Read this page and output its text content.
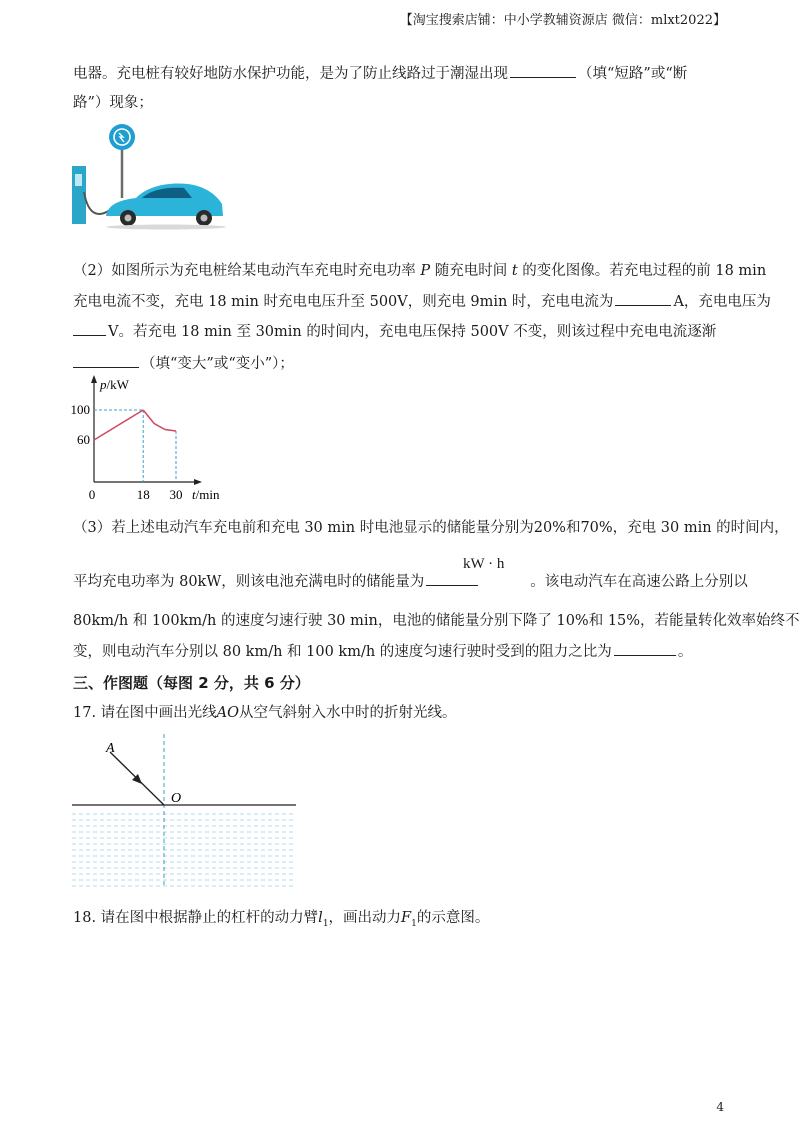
【淘宝搜索店铺：中小学教辅资源店 微信：mlxt2022】
电器。充电桩有较好地防水保护功能，是为了防止线路过于潮湿出现	（填“短路”或“断
路”）现象；
（2）如图所示为充电桩给某电动汽车充电时充电功率 P 随充电时间 t 的变化图像。若充电过程的前 18 min
充电电流不变，充电 18 min 时充电电压升至 500V，则充电 9min 时，充电电流为	A，充电电压为
V。若充电 18 min 至 30min 的时间内，充电电压保持 500V 不变，则该过程中充电电流逐渐
（填“变大”或“变小”）；
p/kW
t/min
60
100
0	18 30
（3）若上述电动汽车充电前和充电 30 min 时电池显示的储能量分别为20%和70%，充电 30 min 的时间内，
kW · h
平均充电功率为 80kW，则该电池充满电时的储能量为	。该电动汽车在高速公路上分别以
80km/h 和 100km/h 的速度匀速行驶 30 min，电池的储能量分别下降了 10%和 15%，若能量转化效率始终不
变，则电动汽车分别以 80 km/h 和 100 km/h 的速度匀速行驶时受到的阻力之比为	。
三、作图题（每图 2 分，共 6 分）
17. 请在图中画出光线AO从空气斜射入水中时的折射光线。
A
O
18. 请在图中根据静止的杠杆的动力臂$l_1$，画出动力$F_1$的示意图。
4
